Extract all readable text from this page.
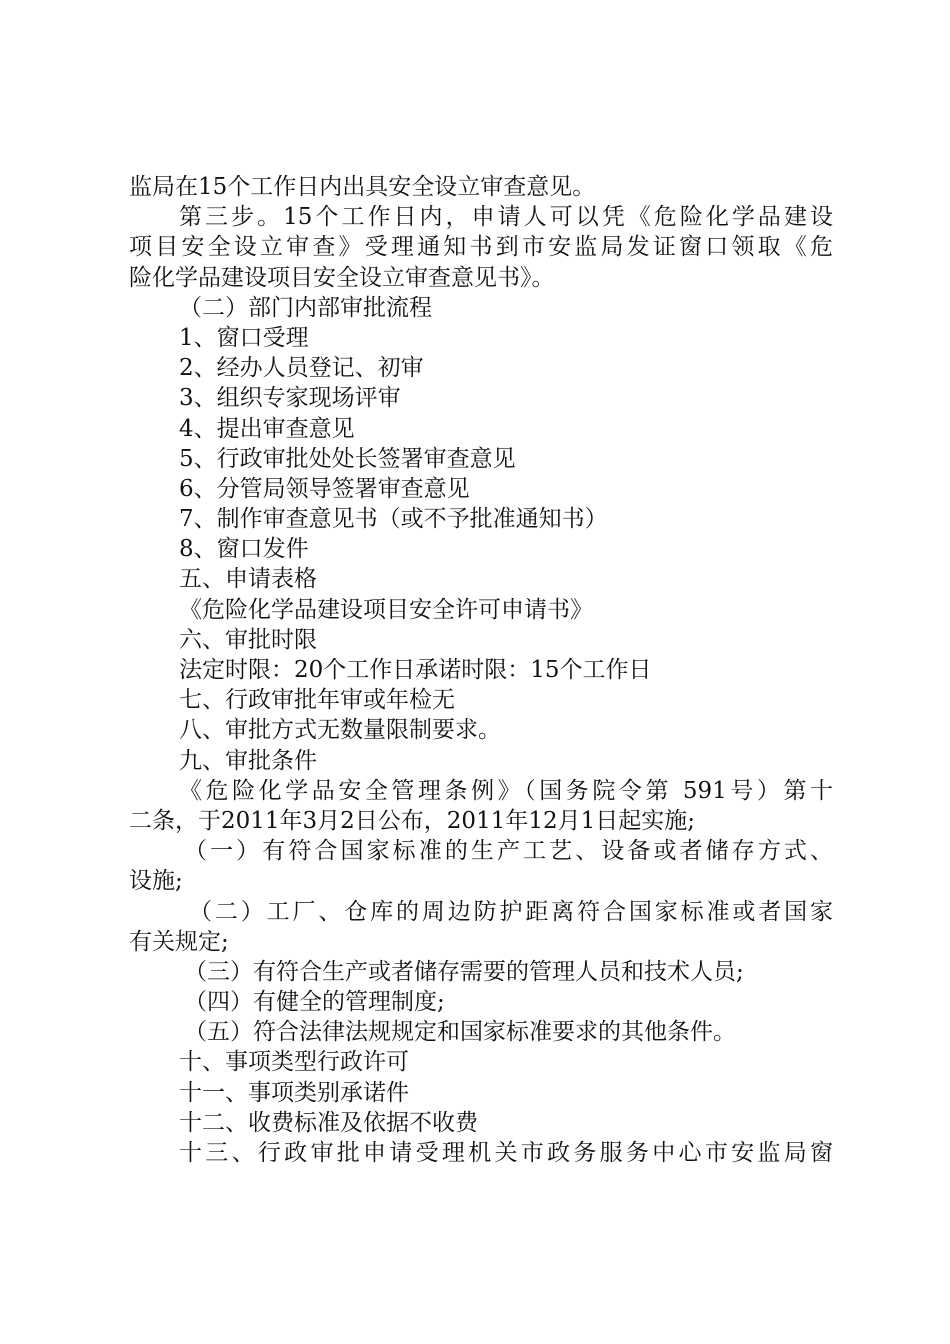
监局在15个工作日内出具安全设立审查意见。
第三步。15个工作日内，申请人可以凭《危险化学品建设
项目安全设立审查》受理通知书到市安监局发证窗口领取《危
险化学品建设项目安全设立审查意见书》。
（二）部门内部审批流程
1、窗口受理
2、经办人员登记、初审
3、组织专家现场评审
4、提出审查意见
5、行政审批处处长签署审查意见
6、分管局领导签署审查意见
7、制作审查意见书（或不予批准通知书）
8、窗口发件
五、申请表格
《危险化学品建设项目安全许可申请书》
六、审批时限
法定时限：20个工作日承诺时限：15个工作日
七、行政审批年审或年检无
八、审批方式无数量限制要求。
九、审批条件
《危险化学品安全管理条例》（国务院令第 591号）第十
二条，于2011年3月2日公布，2011年12月1日起实施;
（一）有符合国家标准的生产工艺、设备或者储存方式、
设施;
（二）工厂、仓库的周边防护距离符合国家标准或者国家
有关规定;
（三）有符合生产或者储存需要的管理人员和技术人员;
（四）有健全的管理制度;
（五）符合法律法规规定和国家标准要求的其他条件。
十、事项类型行政许可
十一、事项类别承诺件
十二、收费标准及依据不收费
十三、行政审批申请受理机关市政务服务中心市安监局窗
